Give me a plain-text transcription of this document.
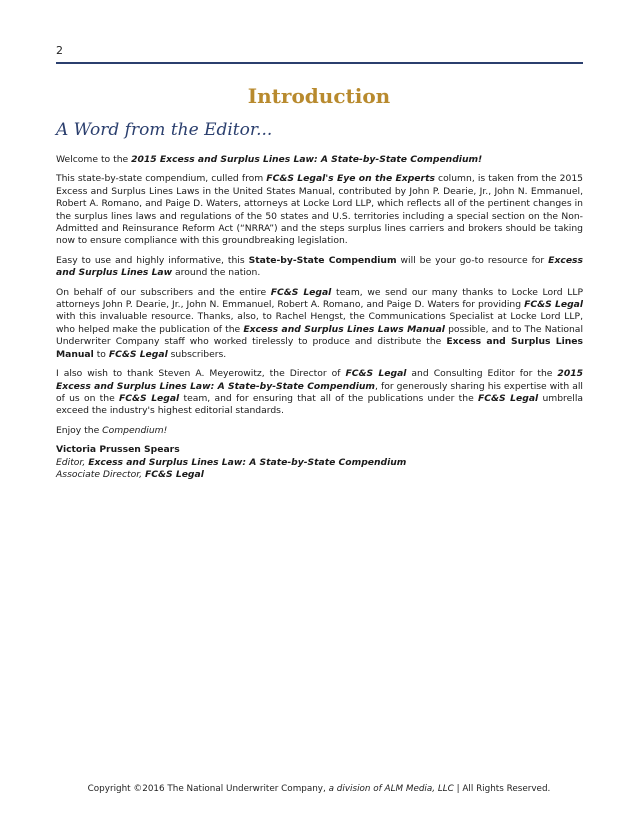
2
Introduction
A Word from the Editor...

Welcome to the 2015 Excess and Surplus Lines Law: A State-by-State Compendium!

This state-by-state compendium, culled from FC&S Legal's Eye on the Experts column, is taken from the 2015 Excess and Surplus Lines Laws in the United States Manual, contributed by John P. Dearie, Jr., John N. Emmanuel, Robert A. Romano, and Paige D. Waters, attorneys at Locke Lord LLP, which reflects all of the pertinent changes in the surplus lines laws and regulations of the 50 states and U.S. territories including a special section on the Non-Admitted and Reinsurance Reform Act (“NRRA”) and the steps surplus lines carriers and brokers should be taking now to ensure compliance with this groundbreaking legislation.

Easy to use and highly informative, this State-by-State Compendium will be your go-to resource for Excess and Surplus Lines Law around the nation.

On behalf of our subscribers and the entire FC&S Legal team, we send our many thanks to Locke Lord LLP attorneys John P. Dearie, Jr., John N. Emmanuel, Robert A. Romano, and Paige D. Waters for providing FC&S Legal with this invaluable resource. Thanks, also, to Rachel Hengst, the Communications Specialist at Locke Lord LLP, who helped make the publication of the Excess and Surplus Lines Laws Manual possible, and to The National Underwriter Company staff who worked tirelessly to produce and distribute the Excess and Surplus Lines Manual to FC&S Legal subscribers.

I also wish to thank Steven A. Meyerowitz, the Director of FC&S Legal and Consulting Editor for the 2015 Excess and Surplus Lines Law: A State-by-State Compendium, for generously sharing his expertise with all of us on the FC&S Legal team, and for ensuring that all of the publications under the FC&S Legal umbrella exceed the industry's highest editorial standards.

Enjoy the Compendium!

Victoria Prussen Spears

Editor, Excess and Surplus Lines Law: A State-by-State Compendium

Associate Director, FC&S Legal

Copyright ©2016 The National Underwriter Company, a division of ALM Media, LLC | All Rights Reserved.
